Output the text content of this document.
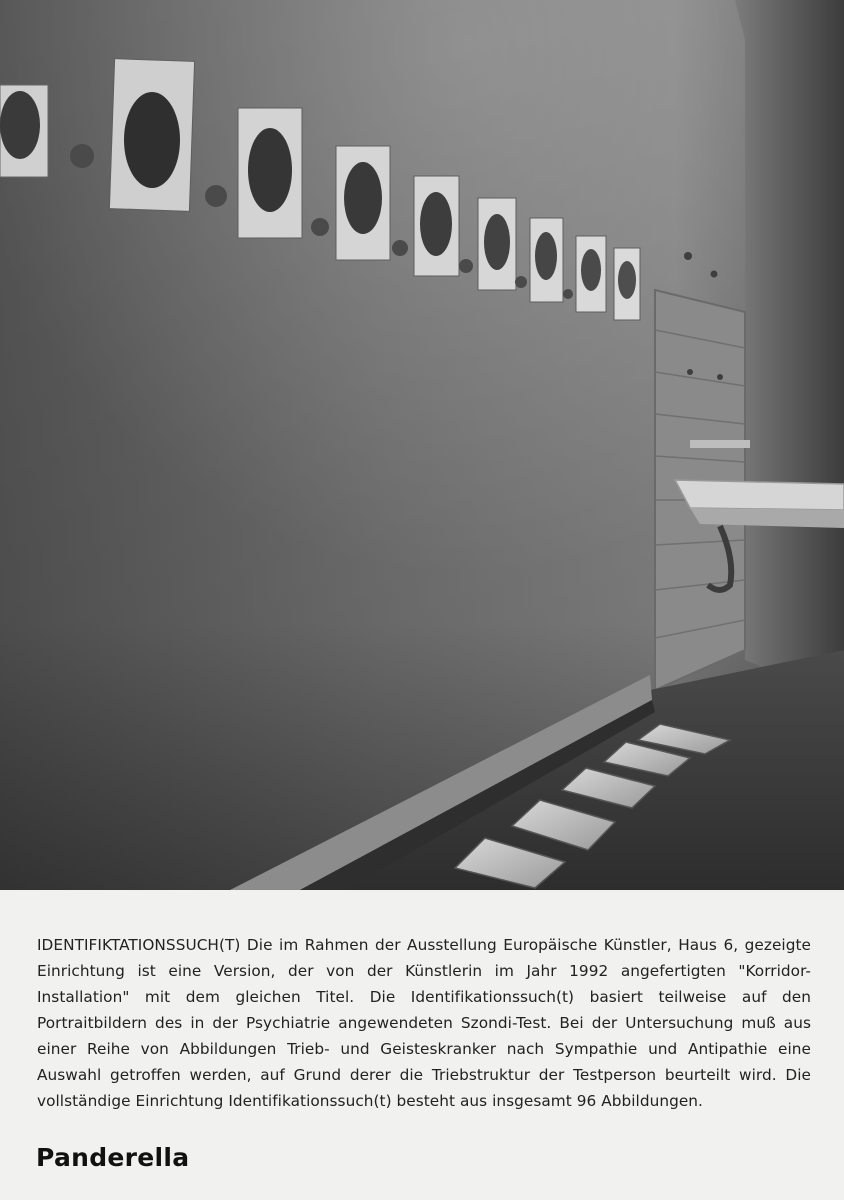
IDENTIFIKTATIONSSUCH(T) Die im Rahmen der Ausstellung Europäische Künstler, Haus 6, gezeigte Einrichtung ist eine Version, der von der Künstlerin im Jahr 1992 angefertigten "Korridor-Installation" mit dem gleichen Titel. Die Identifikationssuch(t) basiert teilweise auf den Portraitbildern des in der Psychiatrie angewendeten Szondi-Test. Bei der Untersuchung muß aus einer Reihe von Abbildungen Trieb- und Geisteskranker nach Sympathie und Antipathie eine Auswahl getroffen werden, auf Grund derer die Triebstruktur der Testperson beurteilt wird. Die vollständige Einrichtung Identifikationssuch(t) besteht aus insgesamt 96 Abbildungen.

Panderella
